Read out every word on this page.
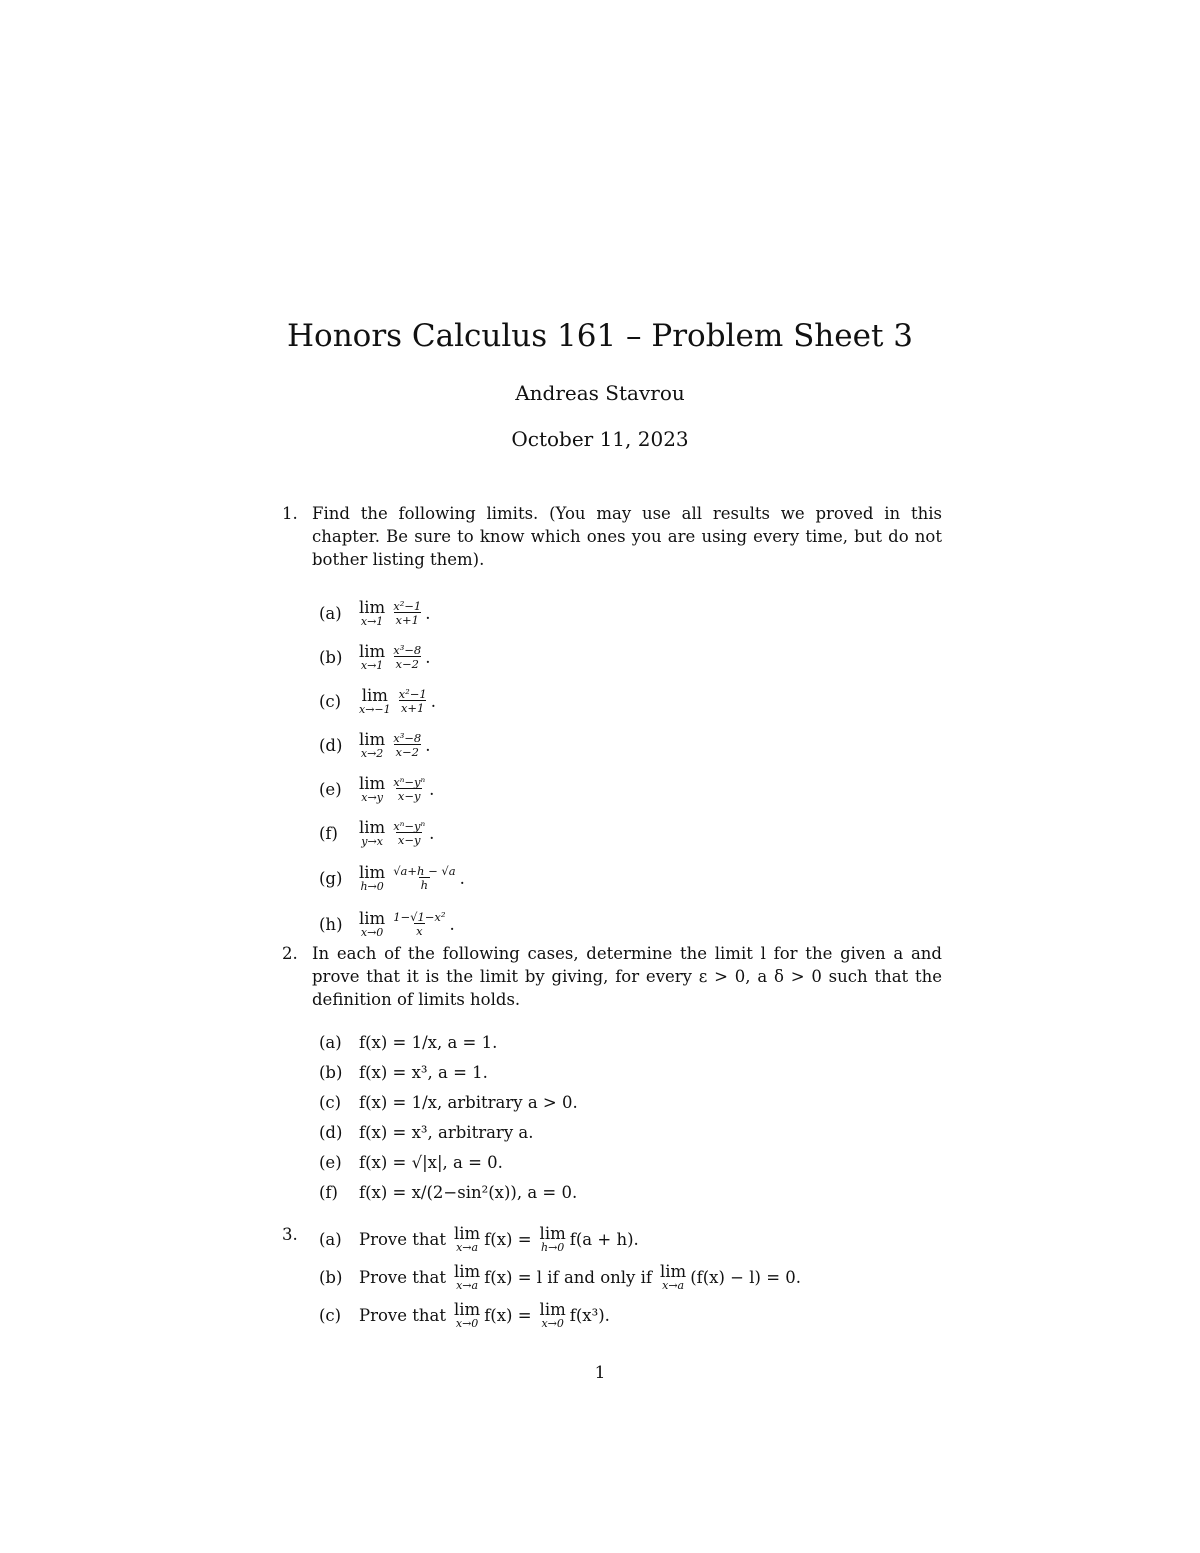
Honors Calculus 161 – Problem Sheet 3
Andreas Stavrou
October 11, 2023
1. Find the following limits. (You may use all results we proved in this chapter. Be sure to know which ones you are using every time, but do not bother listing them).
(a)	lim
$x\to 1 \frac{\text{x²−1}}{x+1}$ .
(b)	lim
$x\to 1 \frac{\text{x³−8}}{x-2}$ .
(c)	lim
$x\to-1 \frac{\text{x²−1}}{x+1}$ .
(d)	lim
$x\to 2 \frac{\text{x³−8}}{x-2}$ .
(e)	lim
$x\to y \frac{\text{xⁿ−yⁿ}}{x-y}$ .
(f)	lim
$y\to x \frac{\text{xⁿ−yⁿ}}{x-y}$ .
(g)	lim
$h\to 0 \frac{√a+h - √a}{h}$ .
(h) lim
$x\to 0 \frac{\text{1−√1−x²}}{x}$ .
2. In each of the following cases, determine the limit l for the given a and prove that it is the limit by giving, for every ε > 0, a δ > 0 such that the definition of limits holds.
(a)	f(x) = 1/x, a = 1.
(b)	f(x) = x³, a = 1.
(c)	f(x) = 1/x, arbitrary a > 0.
(d)	f(x) = x³, arbitrary a.
(e)	f(x) = √|x|, a = 0.
(f)	f(x) = x/(2−sin²(x)), a = 0.
3. (a)	Prove that lim
x→a f(x) = lim
h→0 f(a + h).
(b)	Prove that lim
x→a f(x) = l if and only if lim
x→a (f(x) − l) = 0.
(c)	Prove that lim
x→0 f(x) = lim
x→0 f(x³).
1
